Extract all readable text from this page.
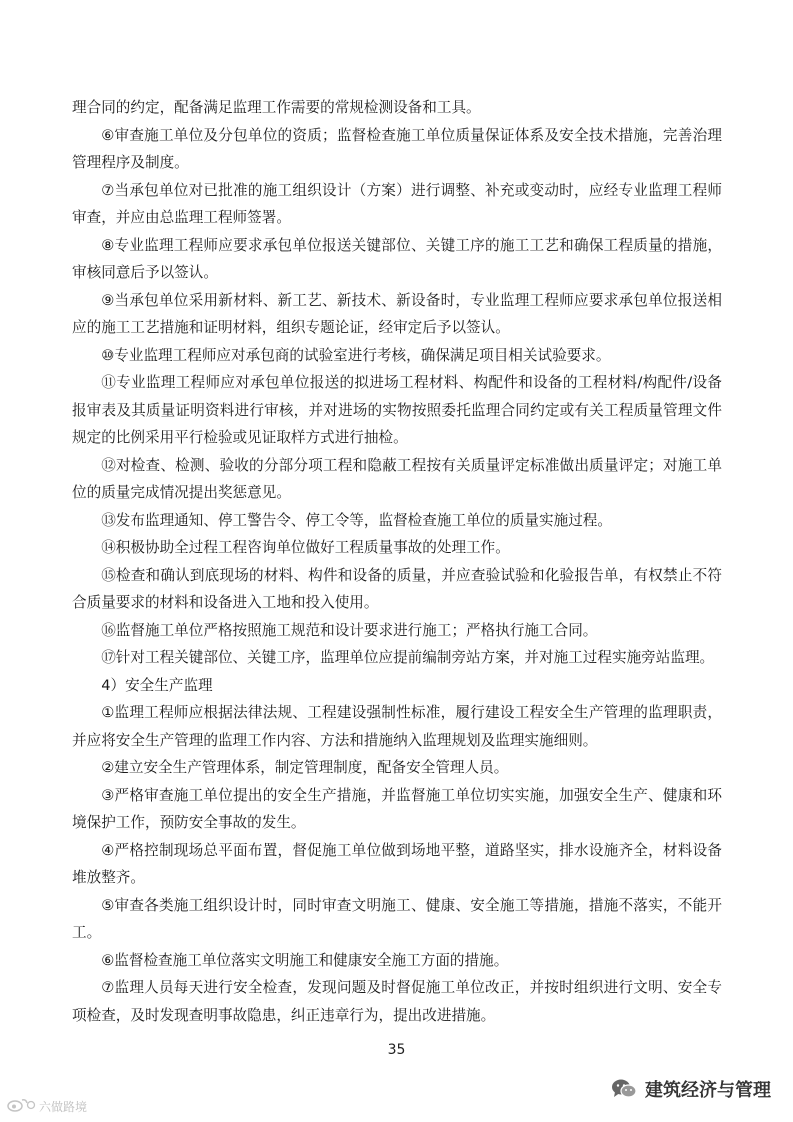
理合同的约定，配备满足监理工作需要的常规检测设备和工具。

⑥审查施工单位及分包单位的资质；监督检查施工单位质量保证体系及安全技术措施，完善治理管理程序及制度。

⑦当承包单位对已批准的施工组织设计（方案）进行调整、补充或变动时，应经专业监理工程师审查，并应由总监理工程师签署。

⑧专业监理工程师应要求承包单位报送关键部位、关键工序的施工工艺和确保工程质量的措施，审核同意后予以签认。

⑨当承包单位采用新材料、新工艺、新技术、新设备时，专业监理工程师应要求承包单位报送相应的施工工艺措施和证明材料，组织专题论证，经审定后予以签认。

⑩专业监理工程师应对承包商的试验室进行考核，确保满足项目相关试验要求。

⑪专业监理工程师应对承包单位报送的拟进场工程材料、构配件和设备的工程材料/构配件/设备报审表及其质量证明资料进行审核，并对进场的实物按照委托监理合同约定或有关工程质量管理文件规定的比例采用平行检验或见证取样方式进行抽检。

⑫对检查、检测、验收的分部分项工程和隐蔽工程按有关质量评定标准做出质量评定；对施工单位的质量完成情况提出奖惩意见。

⑬发布监理通知、停工警告令、停工令等，监督检查施工单位的质量实施过程。

⑭积极协助全过程工程咨询单位做好工程质量事故的处理工作。

⑮检查和确认到底现场的材料、构件和设备的质量，并应查验试验和化验报告单，有权禁止不符合质量要求的材料和设备进入工地和投入使用。

⑯监督施工单位严格按照施工规范和设计要求进行施工；严格执行施工合同。

⑰针对工程关键部位、关键工序，监理单位应提前编制旁站方案，并对施工过程实施旁站监理。

4）安全生产监理

①监理工程师应根据法律法规、工程建设强制性标准，履行建设工程安全生产管理的监理职责，并应将安全生产管理的监理工作内容、方法和措施纳入监理规划及监理实施细则。

②建立安全生产管理体系，制定管理制度，配备安全管理人员。

③严格审查施工单位提出的安全生产措施，并监督施工单位切实实施，加强安全生产、健康和环境保护工作，预防安全事故的发生。

④严格控制现场总平面布置，督促施工单位做到场地平整，道路坚实，排水设施齐全，材料设备堆放整齐。

⑤审查各类施工组织设计时，同时审查文明施工、健康、安全施工等措施，措施不落实，不能开工。

⑥监督检查施工单位落实文明施工和健康安全施工方面的措施。

⑦监理人员每天进行安全检查，发现问题及时督促施工单位改正，并按时组织进行文明、安全专项检查，及时发现查明事故隐患，纠正违章行为，提出改进措施。

35
建筑经济与管理
六做路境
